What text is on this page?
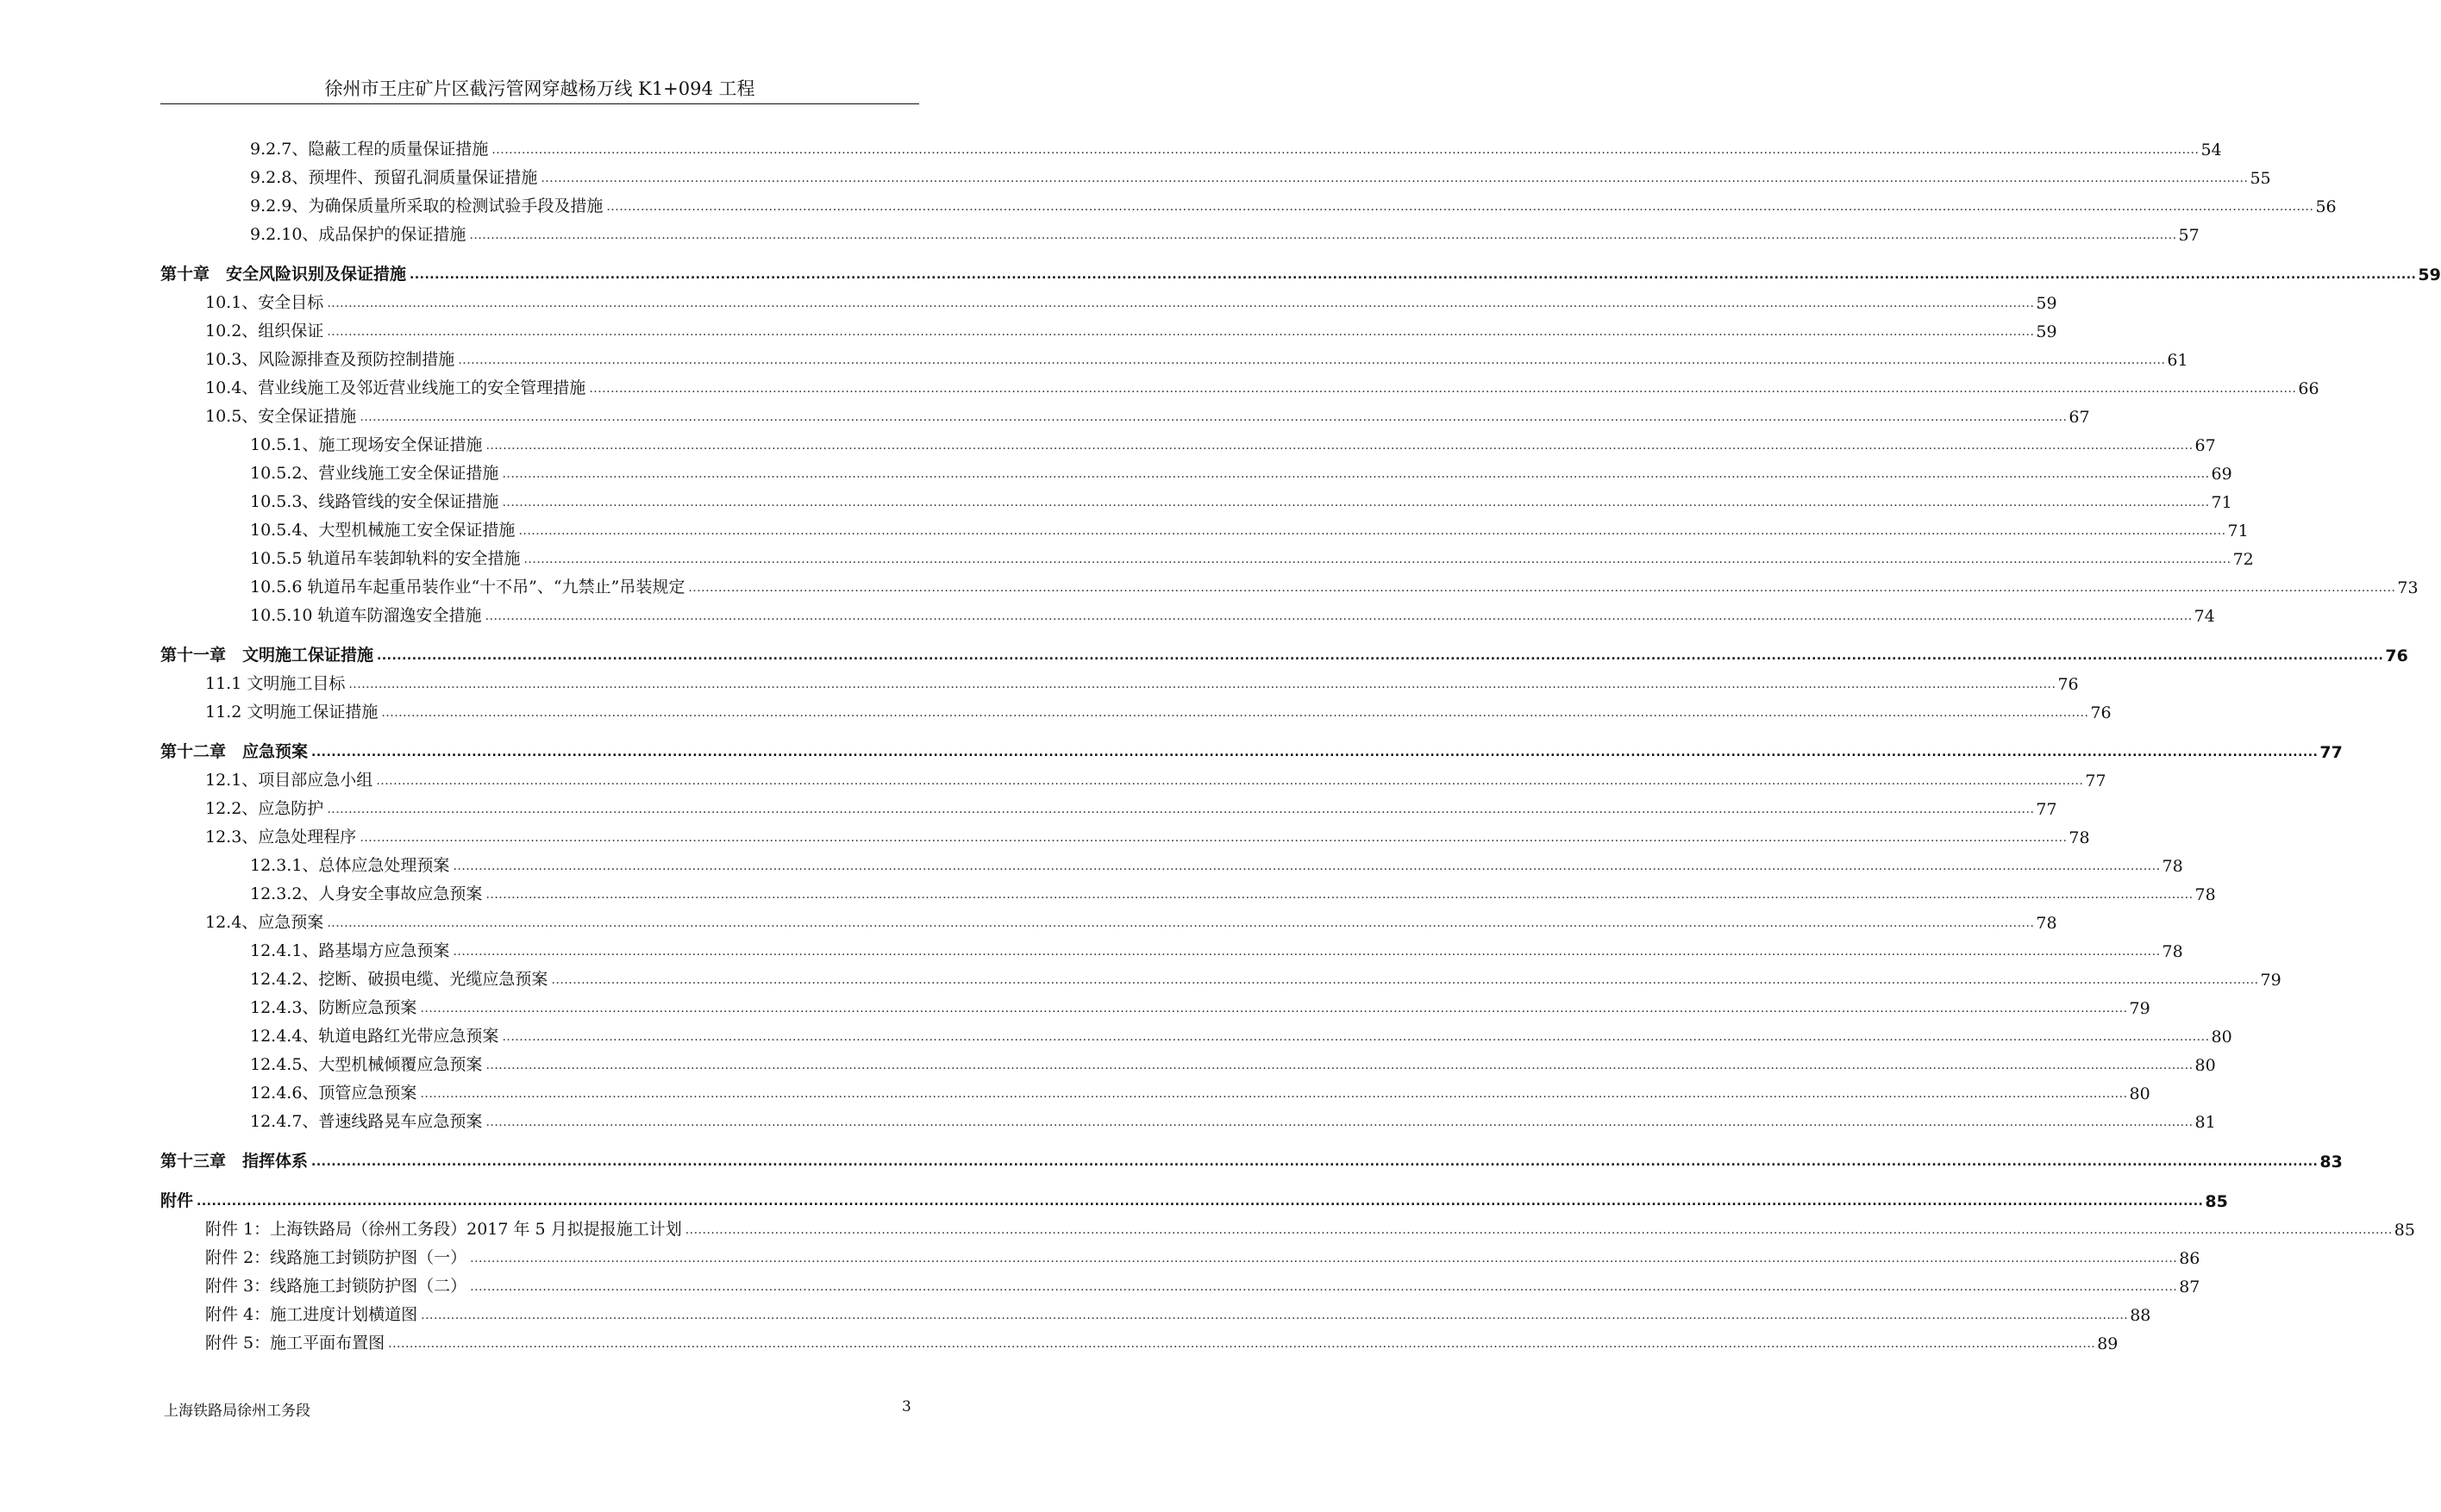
徐州市王庄矿片区截污管网穿越杨万线 K1+094 工程
9.2.7、隐蔽工程的质量保证措施 ................................................................................................................................................................................................................................................................................................................................................................................................................ 54
9.2.8、预埋件、预留孔洞质量保证措施 ................................................................................................................................................................................................................................................................................................................................................................................................................ 55
9.2.9、为确保质量所采取的检测试验手段及措施 ................................................................................................................................................................................................................................................................................................................................................................................................................ 56
9.2.10、成品保护的保证措施 ................................................................................................................................................................................................................................................................................................................................................................................................................ 57
第十章　安全风险识别及保证措施 ................................................................................................................................................................................................................................................................................................................................................................................................................ 59
10.1、安全目标 ................................................................................................................................................................................................................................................................................................................................................................................................................ 59
10.2、组织保证 ................................................................................................................................................................................................................................................................................................................................................................................................................ 59
10.3、风险源排查及预防控制措施 ................................................................................................................................................................................................................................................................................................................................................................................................................ 61
10.4、营业线施工及邻近营业线施工的安全管理措施 ................................................................................................................................................................................................................................................................................................................................................................................................................ 66
10.5、安全保证措施 ................................................................................................................................................................................................................................................................................................................................................................................................................ 67
10.5.1、施工现场安全保证措施 ................................................................................................................................................................................................................................................................................................................................................................................................................ 67
10.5.2、营业线施工安全保证措施 ................................................................................................................................................................................................................................................................................................................................................................................................................ 69
10.5.3、线路管线的安全保证措施 ................................................................................................................................................................................................................................................................................................................................................................................................................ 71
10.5.4、大型机械施工安全保证措施 ................................................................................................................................................................................................................................................................................................................................................................................................................ 71
10.5.5 轨道吊车装卸轨料的安全措施 ................................................................................................................................................................................................................................................................................................................................................................................................................ 72
10.5.6 轨道吊车起重吊装作业“十不吊”、“九禁止”吊装规定 ................................................................................................................................................................................................................................................................................................................................................................................................................ 73
10.5.10 轨道车防溜逸安全措施 ................................................................................................................................................................................................................................................................................................................................................................................................................ 74
第十一章　文明施工保证措施 ................................................................................................................................................................................................................................................................................................................................................................................................................ 76
11.1 文明施工目标 ................................................................................................................................................................................................................................................................................................................................................................................................................ 76
11.2 文明施工保证措施 ................................................................................................................................................................................................................................................................................................................................................................................................................ 76
第十二章　应急预案 ................................................................................................................................................................................................................................................................................................................................................................................................................ 77
12.1、项目部应急小组 ................................................................................................................................................................................................................................................................................................................................................................................................................ 77
12.2、应急防护 ................................................................................................................................................................................................................................................................................................................................................................................................................ 77
12.3、应急处理程序 ................................................................................................................................................................................................................................................................................................................................................................................................................ 78
12.3.1、总体应急处理预案 ................................................................................................................................................................................................................................................................................................................................................................................................................ 78
12.3.2、人身安全事故应急预案 ................................................................................................................................................................................................................................................................................................................................................................................................................ 78
12.4、应急预案 ................................................................................................................................................................................................................................................................................................................................................................................................................ 78
12.4.1、路基塌方应急预案 ................................................................................................................................................................................................................................................................................................................................................................................................................ 78
12.4.2、挖断、破损电缆、光缆应急预案 ................................................................................................................................................................................................................................................................................................................................................................................................................ 79
12.4.3、防断应急预案 ................................................................................................................................................................................................................................................................................................................................................................................................................ 79
12.4.4、轨道电路红光带应急预案 ................................................................................................................................................................................................................................................................................................................................................................................................................ 80
12.4.5、大型机械倾覆应急预案 ................................................................................................................................................................................................................................................................................................................................................................................................................ 80
12.4.6、顶管应急预案 ................................................................................................................................................................................................................................................................................................................................................................................................................ 80
12.4.7、普速线路晃车应急预案 ................................................................................................................................................................................................................................................................................................................................................................................................................ 81
第十三章　指挥体系 ................................................................................................................................................................................................................................................................................................................................................................................................................ 83
附件 ................................................................................................................................................................................................................................................................................................................................................................................................................ 85
附件 1：上海铁路局（徐州工务段）2017 年 5 月拟提报施工计划 ................................................................................................................................................................................................................................................................................................................................................................................................................ 85
附件 2：线路施工封锁防护图（一） ................................................................................................................................................................................................................................................................................................................................................................................................................ 86
附件 3：线路施工封锁防护图（二） ................................................................................................................................................................................................................................................................................................................................................................................................................ 87
附件 4：施工进度计划横道图 ................................................................................................................................................................................................................................................................................................................................................................................................................ 88
附件 5：施工平面布置图 ................................................................................................................................................................................................................................................................................................................................................................................................................ 89
上海铁路局徐州工务段	3
